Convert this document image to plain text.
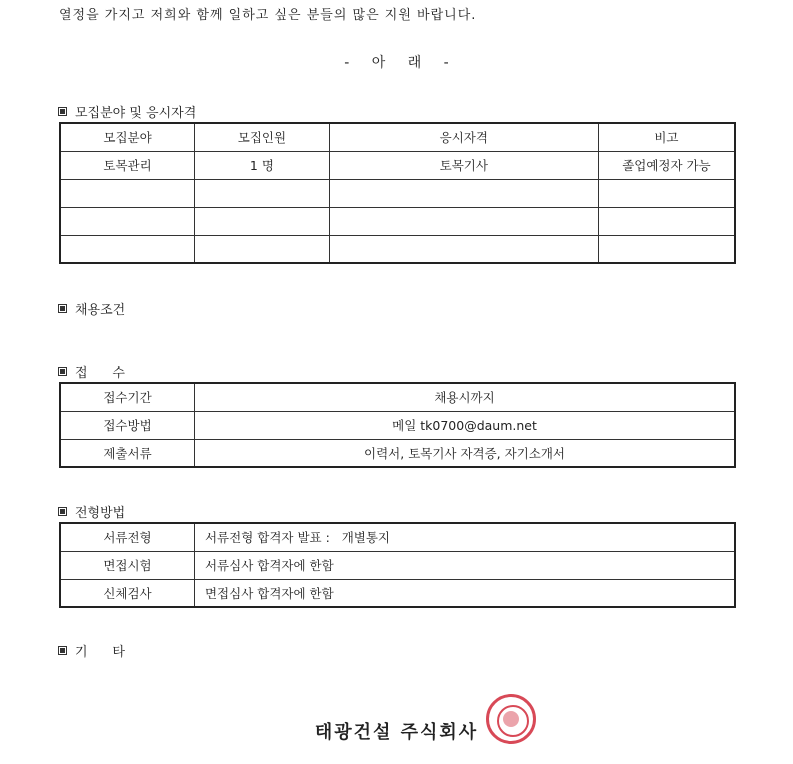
열정을 가지고 저희와 함께 일하고 싶은 분들의 많은 지원 바랍니다.
- 아 래 -
모집분야 및 응시자격
모집분야	모집인원	응시자격	비고
토목관리	1 명	토목기사	졸업예정자 가능

채용조건
접      수
접수기간	채용시까지
접수방법	메일 tk0700@daum.net
제출서류	이력서, 토목기사 자격증, 자기소개서
전형방법
서류전형	서류전형 합격자 발표 :   개별통지
면접시험	서류심사 합격자에 한함
신체검사	면접심사 합격자에 한함
기      타
태광건설 주식회사
